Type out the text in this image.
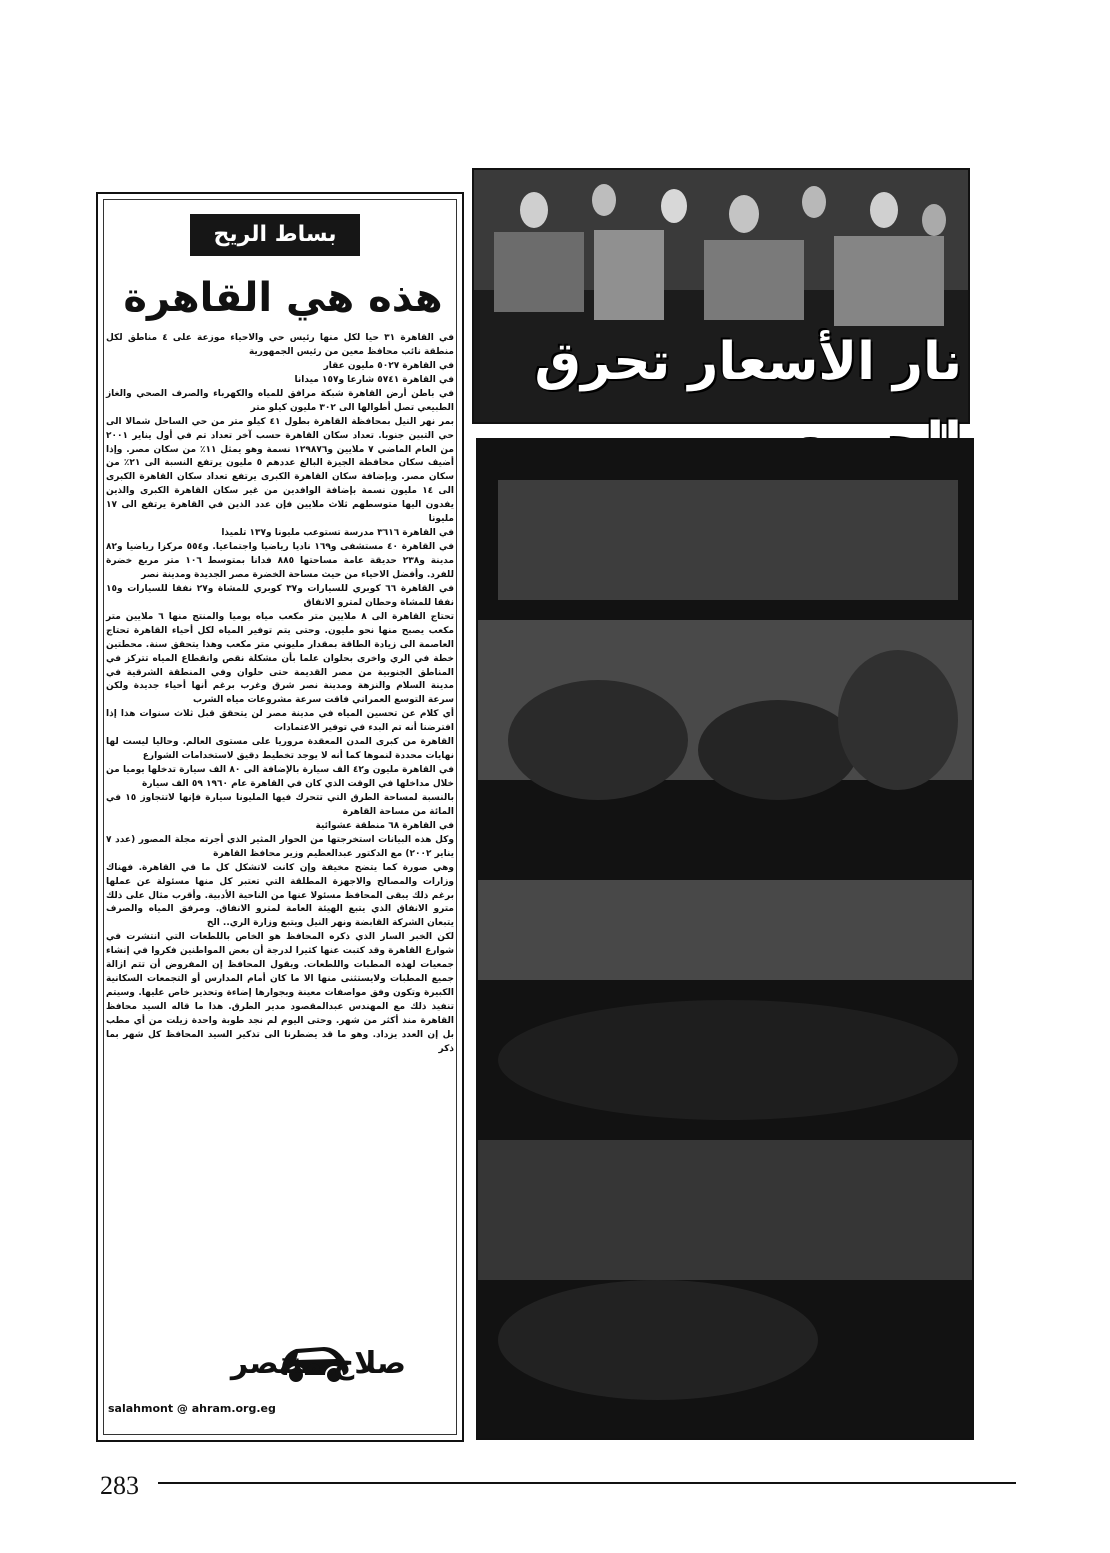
بساط الريح
هذه هي القاهرة

في القاهرة ٣١ حيا لكل منها رئيس حي والاحياء موزعة على ٤ مناطق لكل منطقة نائب محافظ معين من رئيس الجمهورية

في القاهرة ٥٠٢٧ مليون عقار

في القاهرة ٥٧٤١ شارعا و١٥٧ ميدانا

في باطن أرض القاهرة شبكة مرافق للمياه والكهرباء والصرف الصحي والغاز الطبيعي تصل أطوالها الى ٣٠٢ مليون كيلو متر

بمر نهر النيل بمحافظة القاهرة بطول ٤١ كيلو متر من حي الساحل شمالا الى حي التبين جنوبا. تعداد سكان القاهرة حسب آخر تعداد تم في أول يناير ٢٠٠١ من العام الماضي ٧ ملايين و١٢٩٨٧٦ نسمة وهو يمثل ١١٪ من سكان مصر. وإذا أضيف سكان محافظة الجيزة البالغ عددهم ٥ مليون يرتفع النسبة الى ٢١٪ من سكان مصر. وبإضافة سكان القاهرة الكبرى يرتفع تعداد سكان القاهرة الكبرى الى ١٤ مليون نسمة بإضافة الوافدين من غير سكان القاهرة الكبرى والذين يفدون اليها متوسطهم ثلاث ملايين فإن عدد الذين في القاهرة يرتفع الى ١٧ مليونا

في القاهرة ٣٦١٦ مدرسة تستوعب مليونا و١٣٧ تلميذا

في القاهرة ٤٠ مستشفى و١٦٩ ناديا رياضيا واجتماعيا. و٥٥٤ مركزا رياضيا و٨٢ مدينة و٢٣٨ حديقة عامة مساحتها ٨٨٥ فدانا بمتوسط ١٠٦ متر مربع خضرة للفرد. وأفضل الاحياء من حيث مساحة الخضرة مصر الجديدة ومدينة نصر

في القاهرة ٦٦ كوبري للسيارات و٣٧ كوبري للمشاة و٢٧ نفقا للسيارات و١٥ نفقا للمشاة وحطان لمترو الانفاق

تحتاج القاهرة الى ٨ ملايين متر مكعب مياه يوميا والمنتج منها ٦ ملايين متر مكعب يصبح منها نحو مليون. وحتى يتم توفير المياه لكل أحياء القاهرة تحتاج العاصمة الى زيادة الطاقة بمقدار مليوني متر مكعب وهذا يتحقق سنة. محطتين خطة في الري واخرى بحلوان علما بأن مشكلة نقص وانقطاع المياه تتركز في المناطق الجنوبية من مصر القديمة حتى حلوان وفي المنطقة الشرقية في مدينة السلام والنزهة ومدينة نصر شرق وغرب برغم أنها أحياء جديدة ولكن سرعة التوسع العمراني فاقت سرعة مشروعات مياه الشرب

أي كلام عن تحسين المياه في مدينة مصر لن يتحقق قبل ثلاث سنوات هذا إذا افترضنا أنه تم البدء في توفير الاعتمادات

القاهرة من كبرى المدن المعقدة مروريا على مستوى العالم. وحاليا ليست لها نهايات محددة لنموها كما أنه لا يوجد تخطيط دقيق لاستخدامات الشوارع

في القاهرة مليون و٤٢ الف سيارة بالإضافة الى ٨٠ الف سيارة تدخلها يوميا من خلال مداخلها في الوقت الذي كان في القاهرة عام ١٩٦٠ ٥٩ الف سيارة

بالنسبة لمساحة الطرق التي تتحرك فيها المليونا سيارة فإنها لاتتجاوز ١٥ في المائة من مساحة القاهرة

في القاهرة ٦٨ منطقة عشوائية

وكل هذه البيانات استخرجتها من الحوار المثير الذي أجرته مجلة المصور (عدد ٧ يناير ٢٠٠٢) مع الدكتور عبدالعظيم وزير محافظ القاهرة

وهي صورة كما يتضح مخيفة وإن كانت لاتشكل كل ما في القاهرة. فهناك وزارات والمصالح والاجهزة المطلقة التي تعتبر كل منها مسئولة عن عملها برغم ذلك يبقى المحافظ مسئولا عنها من الناحية الأدبية. وأقرب مثال على ذلك مترو الانفاق الذي يتبع الهيئة العامة لمترو الانفاق. ومرفق المياه والصرف يتبعان الشركة القابضة ونهر النيل ويتبع وزارة الري.. الخ

لكن الخبر السار الذي ذكره المحافظ هو الخاص باللطعات التي انتشرت في شوارع القاهرة وقد كتبت عنها كثيرا لدرجة أن بعض المواطنين فكروا في إنشاء جمعيات لهذه المطبات واللطعات. ويقول المحافظ إن المفروض أن تتم ازالة جميع المطبات ولايستثنى منها الا ما كان أمام المدارس أو التجمعات السكانية الكبيرة وتكون وفق مواصفات معينة وبجوارها إضاءة وتحذير خاص عليها. وسيتم تنفيذ ذلك مع المهندس عبدالمقصود مدير الطرق. هذا ما قاله السيد محافظ القاهرة منذ أكثر من شهر. وحتى اليوم لم نجد طوبة واحدة زيلت من أي مطب بل إن العدد يزداد. وهو ما قد يضطرنا الى تذكير السيد المحافظ كل شهر بما ذكر

صلاح منتصر
salahmont @ ahram.org.eg
نار الأسعار تحرق
283
